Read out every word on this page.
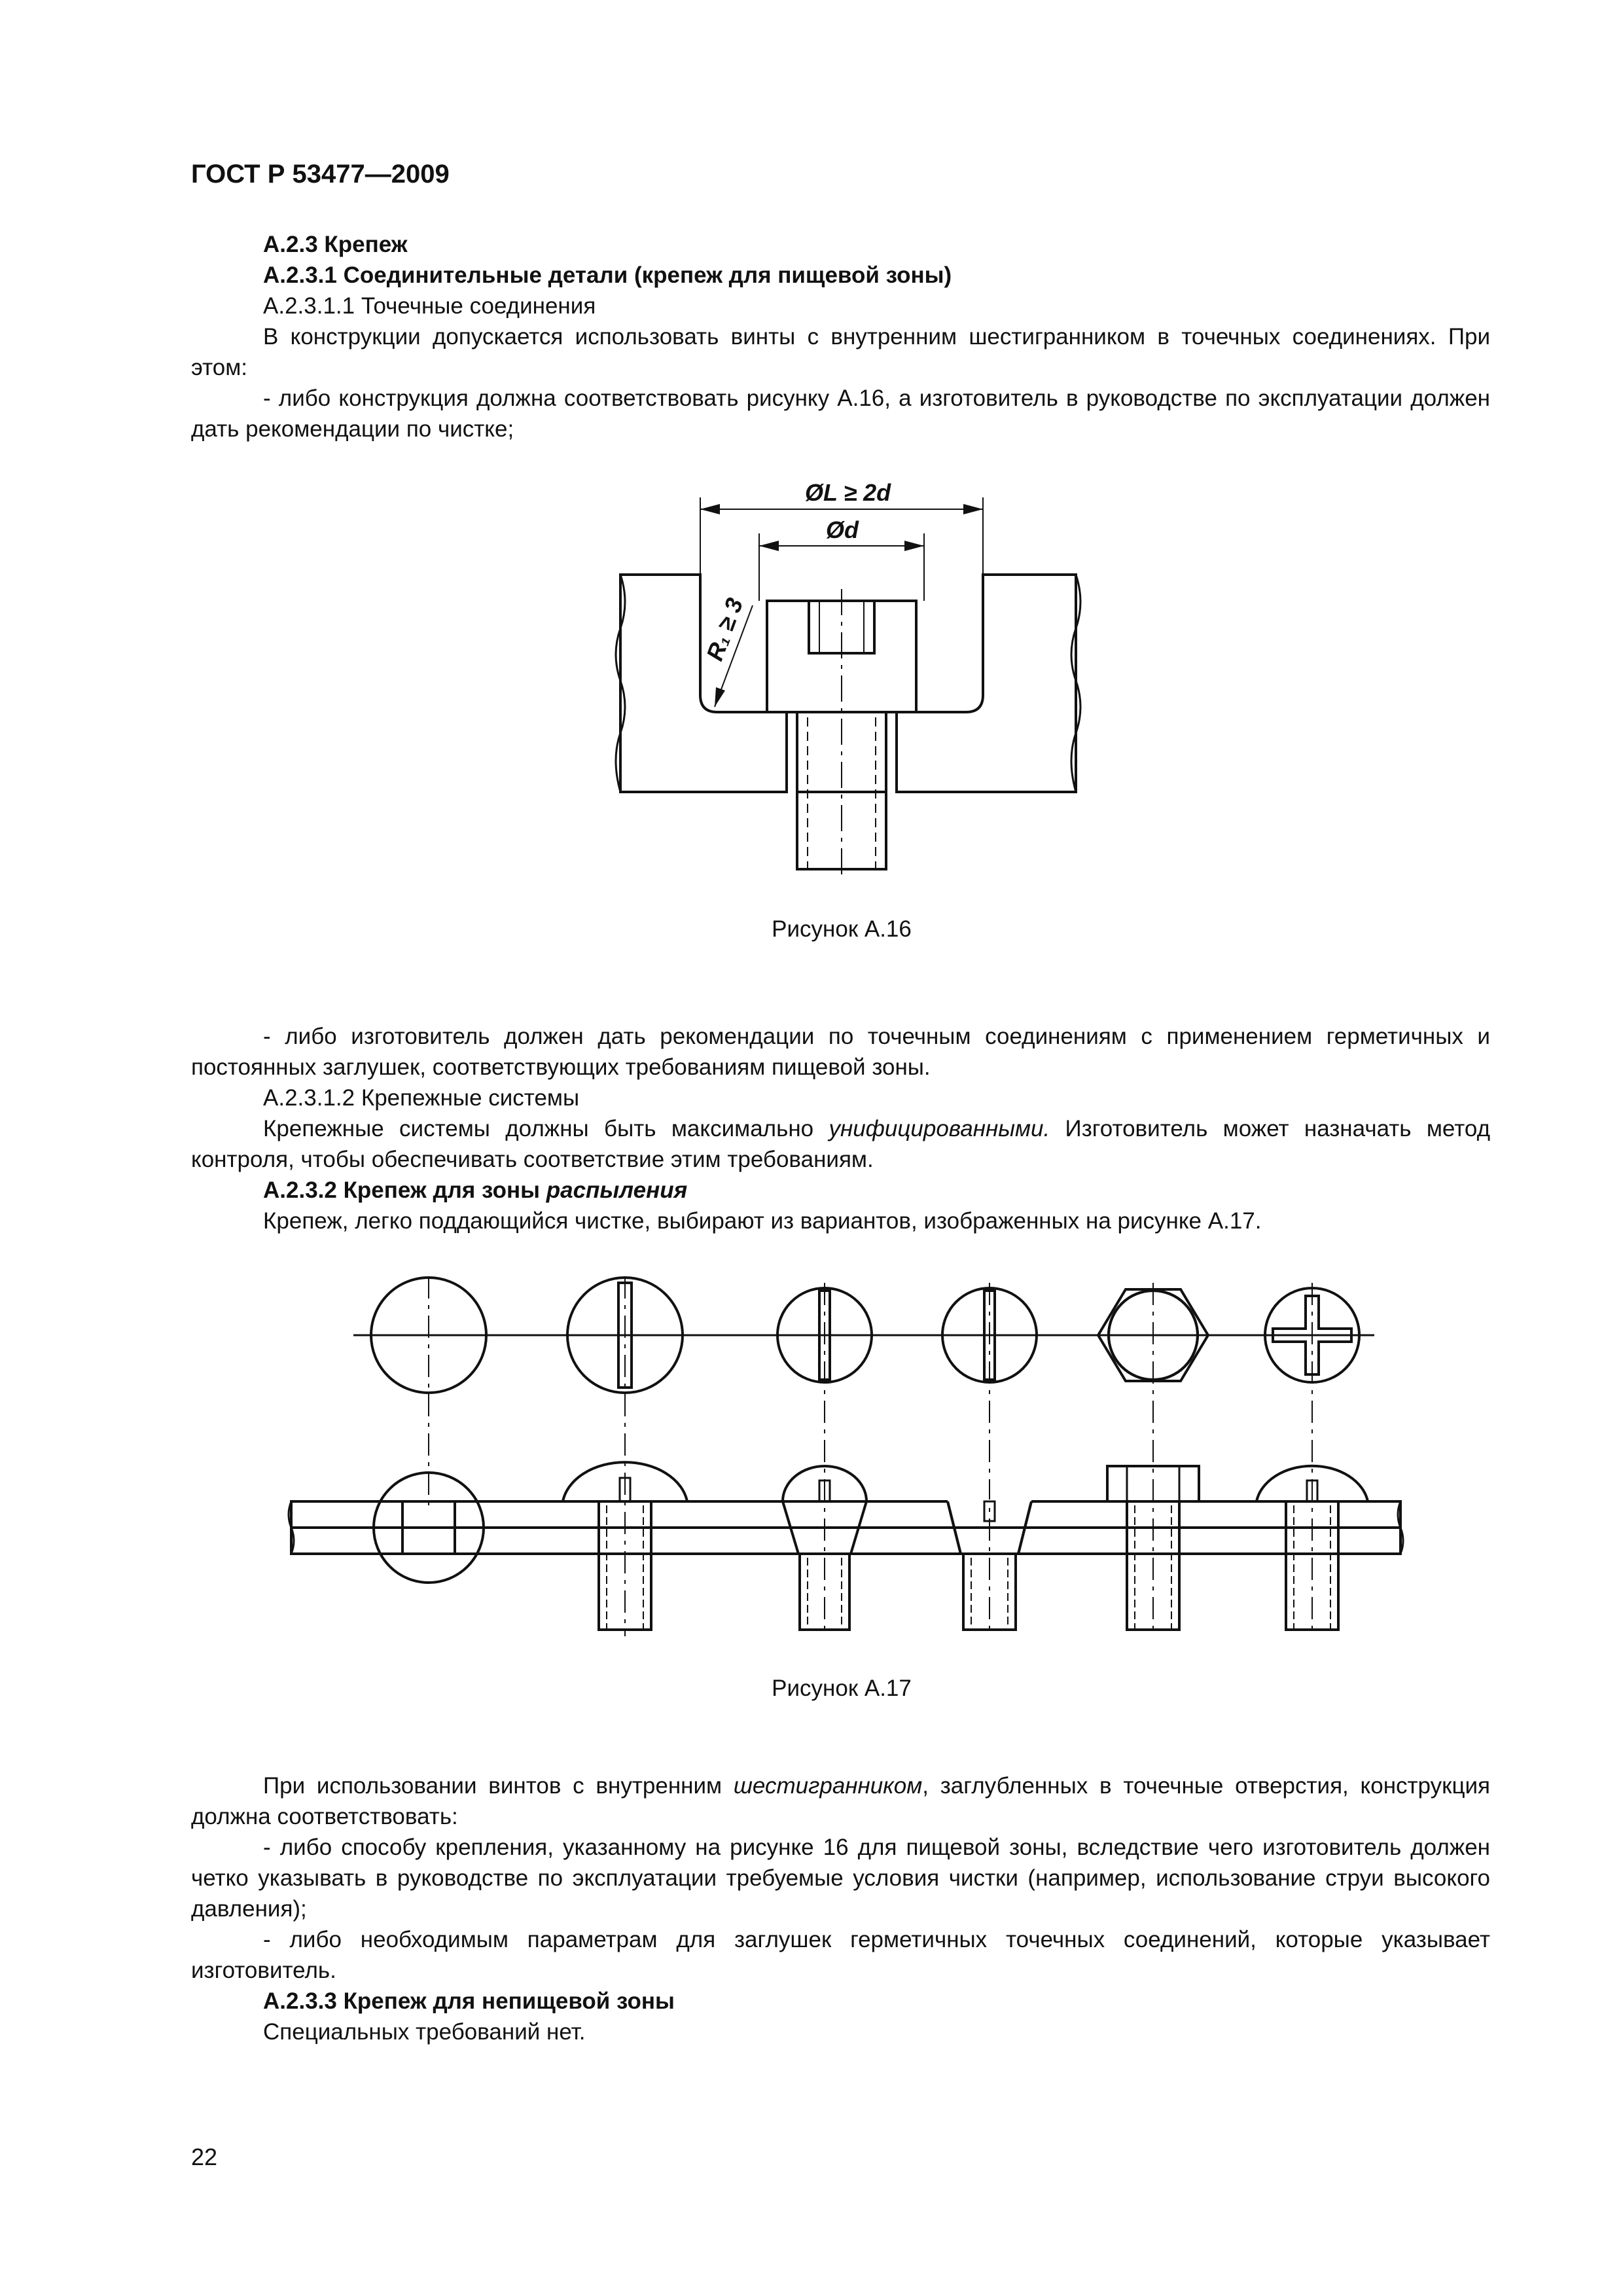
ГОСТ Р 53477—2009

А.2.3 Крепеж

А.2.3.1 Соединительные детали (крепеж для пищевой зоны)

А.2.3.1.1 Точечные соединения

В конструкции допускается использовать винты с внутренним шестигранником в точечных соединениях. При этом:

- либо конструкция должна соответствовать рисунку А.16, а изготовитель в руководстве по эксплуатации должен дать рекомендации по чистке;

ØL ≥ 2d
Ød
R₁ ≥ 3
Рисунок А.16

- либо изготовитель должен дать рекомендации по точечным соединениям с применением герметичных и постоянных заглушек, соответствующих требованиям пищевой зоны.

А.2.3.1.2 Крепежные системы

Крепежные системы должны быть максимально унифицированными. Изготовитель может назначать метод контроля, чтобы обеспечивать соответствие этим требованиям.

А.2.3.2 Крепеж для зоны распыления

Крепеж, легко поддающийся чистке, выбирают из вариантов, изображенных на рисунке А.17.

Рисунок А.17

При использовании винтов с внутренним шестигранником, заглубленных в точечные отверстия, конструкция должна соответствовать:

- либо способу крепления, указанному на рисунке 16 для пищевой зоны, вследствие чего изготовитель должен четко указывать в руководстве по эксплуатации требуемые условия чистки (например, использование струи высокого давления);

- либо необходимым параметрам для заглушек герметичных точечных соединений, которые указывает изготовитель.

А.2.3.3 Крепеж для непищевой зоны

Специальных требований нет.

22
